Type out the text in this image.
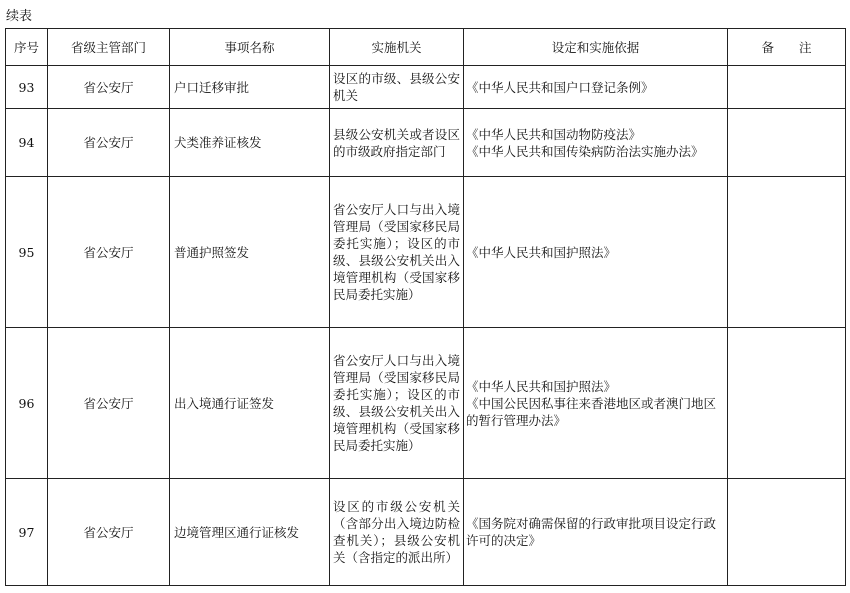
续表
序号	省级主管部门	事项名称	实施机关	设定和实施依据	备　　注
93	省公安厅	户口迁移审批	设区的市级、县级公安机关	《中华人民共和国户口登记条例》	

94	省公安厅	犬类准养证核发	县级公安机关或者设区的市级政府指定部门	《中华人民共和国动物防疫法》
《中华人民共和国传染病防治法实施办法》	

95	省公安厅	普通护照签发	省公安厅人口与出入境管理局（受国家移民局委托实施）；设区的市级、县级公安机关出入境管理机构（受国家移民局委托实施）	《中华人民共和国护照法》	

96	省公安厅	出入境通行证签发	省公安厅人口与出入境管理局（受国家移民局委托实施）；设区的市级、县级公安机关出入境管理机构（受国家移民局委托实施）	《中华人民共和国护照法》
《中国公民因私事往来香港地区或者澳门地区的暂行管理办法》	

97	省公安厅	边境管理区通行证核发	设区的市级公安机关（含部分出入境边防检查机关）；县级公安机关（含指定的派出所）	《国务院对确需保留的行政审批项目设定行政许可的决定》	
